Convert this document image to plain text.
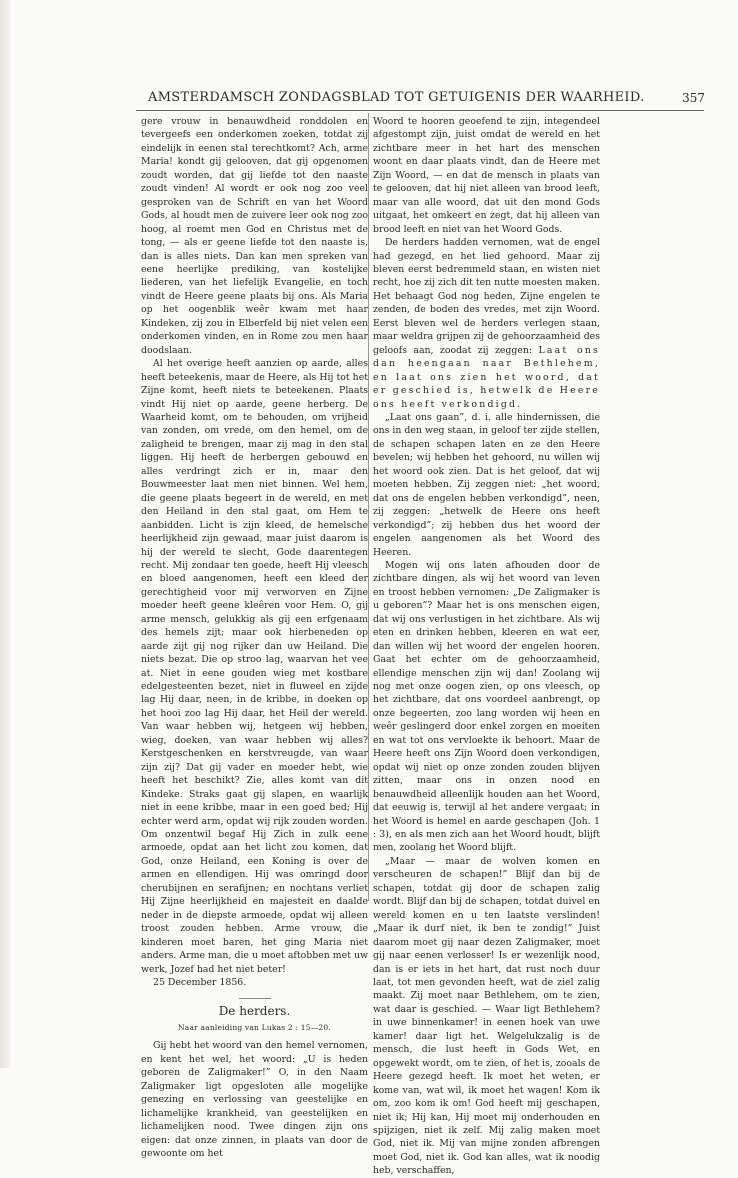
AMSTERDAMSCH ZONDAGSBLAD TOT GETUIGENIS DER WAARHEID.	357

gere vrouw in benauwdheid ronddolen en tevergeefs een onderkomen zoeken, totdat zij eindelijk in eenen stal terechtkomt? Ach, arme Maria! kondt gij gelooven, dat gij opgenomen zoudt worden, dat gij liefde tot den naaste zoudt vinden! Al wordt er ook nog zoo veel gesproken van de Schrift en van het Woord Gods, al houdt men de zuivere leer ook nog zoo hoog, al roemt men God en Christus met de tong, — als er geene liefde tot den naaste is, dan is alles niets. Dan kan men spreken van eene heerlijke prediking, van kostelijke liederen, van het liefelijk Evangelie, en toch vindt de Heere geene plaats bij ons. Als Maria op het oogenblik weêr kwam met haar Kindeken, zij zou in Elberfeld bij niet velen een onderkomen vinden, en in Rome zou men haar doodslaan.

Al het overige heeft aanzien op aarde, alles heeft beteekenis, maar de Heere, als Hij tot het Zijne komt, heeft niets te beteekenen. Plaats vindt Hij niet op aarde, geene herberg. De Waarheid komt, om te behouden, om vrijheid van zonden, om vrede, om den hemel, om de zaligheid te brengen, maar zij mag in den stal liggen. Hij heeft de herbergen gebouwd en alles verdringt zich er in, maar den Bouwmeester laat men niet binnen. Wel hem, die geene plaats begeert in de wereld, en met den Heiland in den stal gaat, om Hem te aanbidden. Licht is zijn kleed, de hemelsche heerlijkheid zijn gewaad, maar juist daarom is hij der wereld te slecht, Gode daarentegen recht. Mij zondaar ten goede, heeft Hij vleesch en bloed aangenomen, heeft een kleed der gerechtigheid voor mij verworven en Zijne moeder heeft geene kleêren voor Hem. O, gij arme mensch, gelukkig als gij een erfgenaam des hemels zijt; maar ook hierbeneden op aarde zijt gij nog rijker dan uw Heiland. Die niets bezat. Die op stroo lag, waarvan het vee at. Niet in eene gouden wieg met kostbare edelgesteenten bezet, niet in fluweel en zijde lag Hij daar, neen, in de kribbe, in doeken op het hooi zoo lag Hij daar, het Heil der wereld. Van waar hebben wij, hetgeen wij hebben, wieg, doeken, van waar hebben wij alles? Kerstgeschenken en kerstvreugde, van waar zijn zij? Dat gij vader en moeder hebt, wie heeft het beschikt? Zie, alles komt van dit Kindeke. Straks gaat gij slapen, en waarlijk niet in eene kribbe, maar in een goed bed; Hij echter werd arm, opdat wij rijk zouden worden. Om onzentwil begaf Hij Zich in zulk eene armoede, opdat aan het licht zou komen, dat God, onze Heiland, een Koning is over de armen en ellendigen. Hij was omringd door cherubijnen en serafijnen; en nochtans verliet Hij Zijne heerlijkheid en majesteit en daalde neder in de diepste armoede, opdat wij alleen troost zouden hebben. Arme vrouw, die kinderen moet baren, het ging Maria niet anders. Arme man, die u moet aftobben met uw werk, Jozef had het niet beter!

25 December 1856.

De herders.
Naar aanleiding van Lukas 2 : 15—20.

Gij hebt het woord van den hemel vernomen, en kent het wel, het woord: „U is heden geboren de Zaligmaker!” O, in den Naam Zaligmaker ligt opgesloten alle mogelijke genezing en verlossing van geestelijke en lichamelijke krankheid, van geestelijken en lichamelijken nood. Twee dingen zijn ons eigen: dat onze zinnen, in plaats van door de gewoonte om het

Woord te hooren geoefend te zijn, integendeel afgestompt zijn, juist omdat de wereld en het zichtbare meer in het hart des menschen woont en daar plaats vindt, dan de Heere met Zijn Woord, — en dat de mensch in plaats van te gelooven, dat hij niet alleen van brood leeft, maar van alle woord, dat uit den mond Gods uitgaat, het omkeert en zegt, dat hij alleen van brood leeft en niet van het Woord Gods.

De herders hadden vernomen, wat de engel had gezegd, en het lied gehoord. Maar zij bleven eerst bedremmeld staan, en wisten niet recht, hoe zij zich dit ten nutte moesten maken. Het behaagt God nog heden, Zijne engelen te zenden, de boden des vredes, met zijn Woord. Eerst bleven wel de herders verlegen staan, maar weldra grijpen zij de gehoorzaamheid des geloofs aan, zoodat zij zeggen: Laat ons dan heengaan naar Bethlehem, en laat ons zien het woord, dat er geschied is, hetwelk de Heere ons heeft verkondigd.

„Laat ons gaan”, d. i. alle hindernissen, die ons in den weg staan, in geloof ter zijde stellen, de schapen schapen laten en ze den Heere bevelen; wij hebben het gehoord, nu willen wij het woord ook zien. Dat is het geloof, dat wij moeten hebben. Zij zeggen niet: „het woord, dat ons de engelen hebben verkondigd”, neen, zij zeggen: „hetwelk de Heere ons heeft verkondigd”; zij hebben dus het woord der engelen aangenomen als het Woord des Heeren.

Mogen wij ons laten afhouden door de zichtbare dingen, als wij het woord van leven en troost hebben vernomen: „De Zaligmaker is u geboren”? Maar het is ons menschen eigen, dat wij ons verlustigen in het zichtbare. Als wij eten en drinken hebben, kleeren en wat eer, dan willen wij het woord der engelen hooren. Gaat het echter om de gehoorzaamheid, ellendige menschen zijn wij dan! Zoolang wij nog met onze oogen zien, op ons vleesch, op het zichtbare, dat ons voordeel aanbrengt, op onze begeerten, zoo lang worden wij heen en weêr geslingerd door enkel zorgen en moeiten en wat tot ons vervloekte ik behoort. Maar de Heere heeft ons Zijn Woord doen verkondigen, opdat wij niet op onze zonden zouden blijven zitten, maar ons in onzen nood en benauwdheid alleenlijk houden aan het Woord, dat eeuwig is, terwijl al het andere vergaat; in het Woord is hemel en aarde geschapen (Joh. 1 : 3), en als men zich aan het Woord houdt, blijft men, zoolang het Woord blijft.

„Maar — maar de wolven komen en verscheuren de schapen!” Blijf dan bij de schapen, totdat gij door de schapen zalig wordt. Blijf dan bij de schapen, totdat duivel en wereld komen en u ten laatste verslinden! „Maar ik durf niet, ik ben te zondig!” Juist daarom moet gij naar dezen Zaligmaker, moet gij naar eenen verlosser! Is er wezenlijk nood, dan is er iets in het hart, dat rust noch duur laat, tot men gevonden heeft, wat de ziel zalig maakt. Zij moet naar Bethlehem, om te zien, wat daar is geschied. — Waar ligt Bethlehem? in uwe binnenkamer! in eenen hoek van uwe kamer! daar ligt het. Welgelukzalig is de mensch, die lust heeft in Gods Wet, en opgewekt wordt, om te zien, of het is, zooals de Heere gezegd heeft. Ik moet het weten, er kome van, wat wil, ik moet het wagen! Kom ik om, zoo kom ik om! God heeft mij geschapen, niet ik; Hij kan, Hij moet mij onderhouden en spijzigen, niet ik zelf. Mij zalig maken moet God, niet ik. Mij van mijne zonden afbrengen moet God, niet ik. God kan alles, wat ik noodig heb, verschaffen,
